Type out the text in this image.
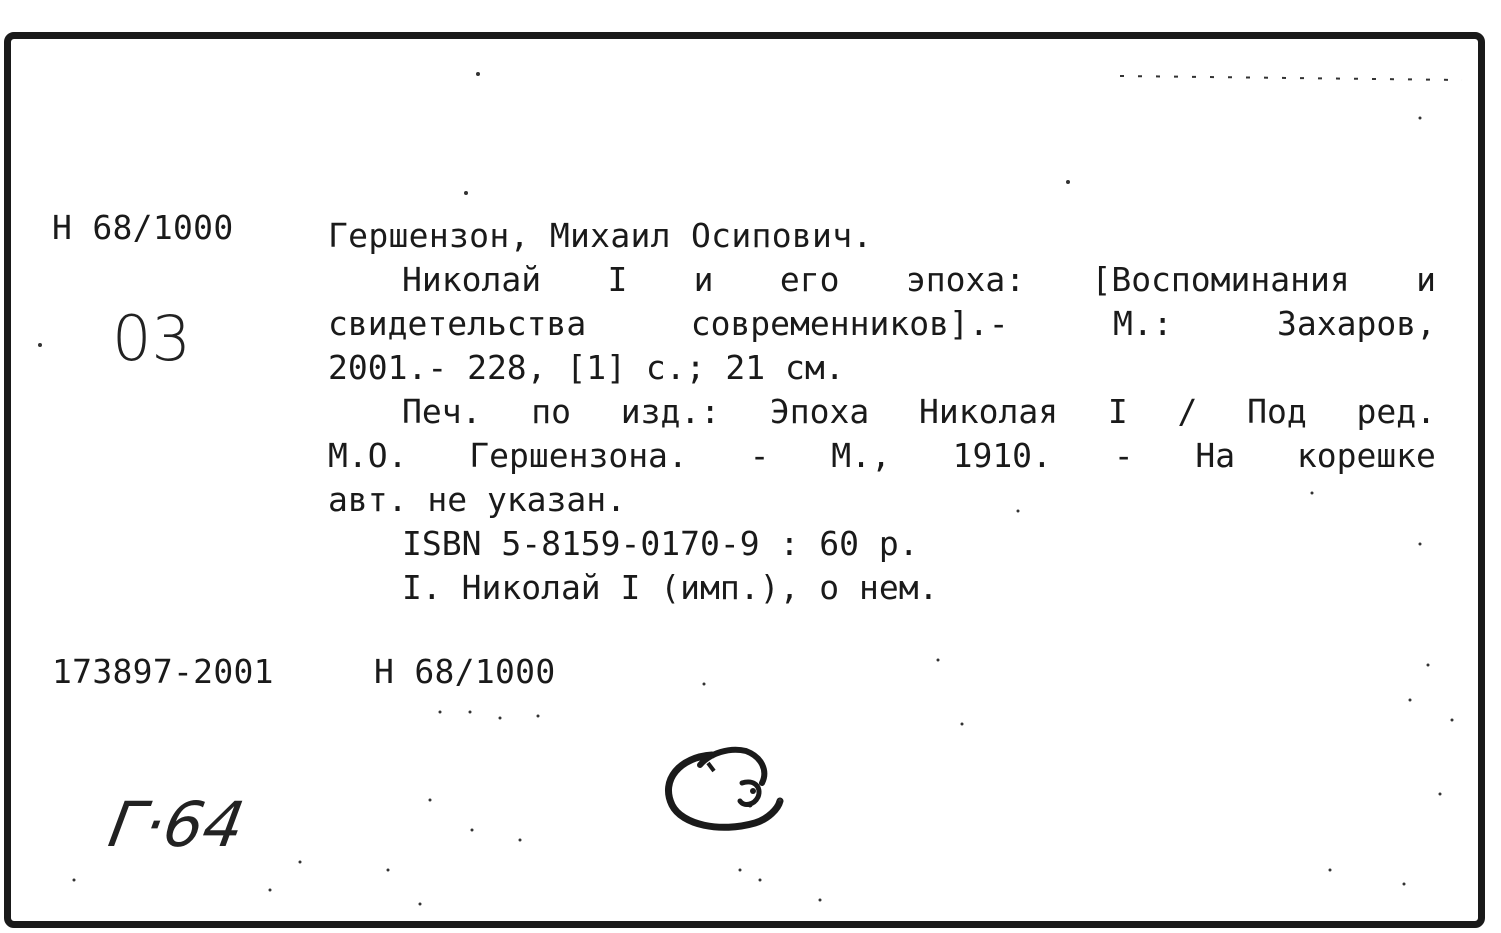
Н 68/1000
03
Гершензон, Михаил Осипович.
Николай I и его эпоха: [Воспоминания и
свидетельства	современников].-	М.:	Захаров,
2001.- 228, [1] с.; 21 см.
Печ. по изд.: Эпоха Николая I / Под ред.
М.О. Гершензона. - М., 1910. - На корешке
авт. не указан.
ISBN 5-8159-0170-9 : 60 р.
I. Николай I (имп.), о нем.
173897-2001	Н 68/1000
Г·64
